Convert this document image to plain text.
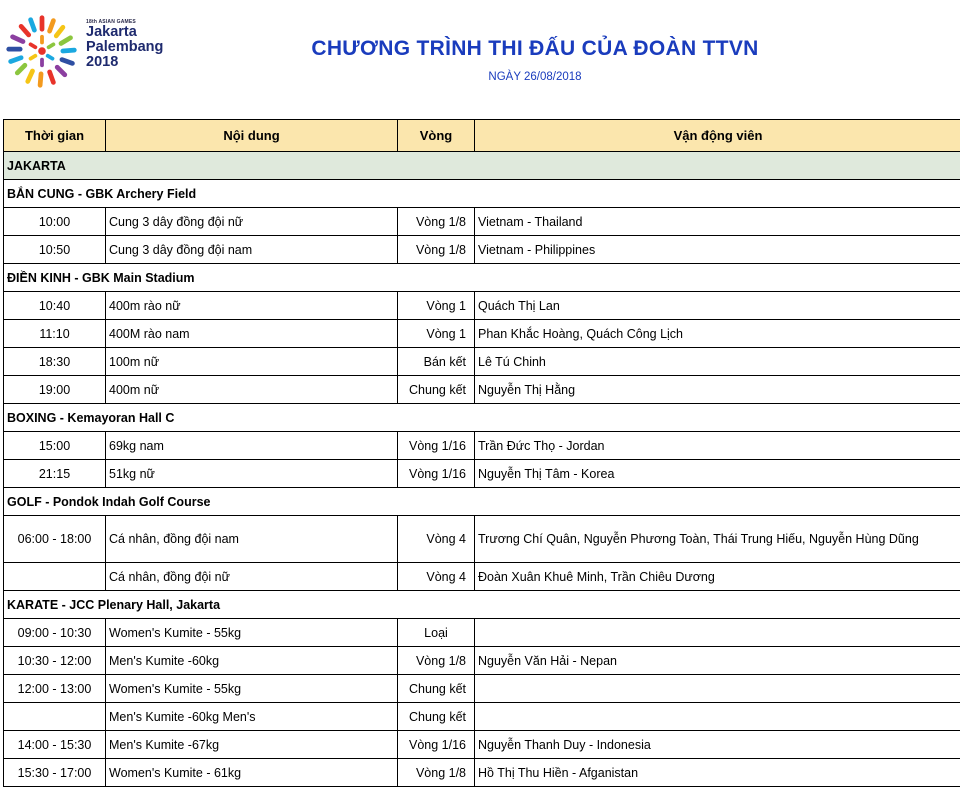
18th ASIAN GAMES
Jakarta
Palembang
2018
CHƯƠNG TRÌNH THI ĐẤU CỦA ĐOÀN TTVN
NGÀY 26/08/2018
Thời gian	Nội dung	Vòng	Vận động viên
JAKARTA			
BẮN CUNG - GBK Archery Field			
10:00	Cung 3 dây đồng đội nữ	Vòng 1/8	Vietnam - Thailand
10:50	Cung 3 dây đồng đội nam	Vòng 1/8	Vietnam - Philippines
ĐIỀN KINH - GBK Main Stadium			
10:40	400m rào nữ	Vòng 1	Quách Thị Lan
11:10	400M rào nam	Vòng 1	Phan Khắc Hoàng, Quách Công Lịch
18:30	100m nữ	Bán kết	Lê Tú Chinh
19:00	400m nữ	Chung kết	Nguyễn Thị Hằng
BOXING - Kemayoran Hall C			
15:00	69kg nam	Vòng 1/16	Trần Đức Thọ - Jordan
21:15	51kg nữ	Vòng 1/16	Nguyễn Thị Tâm - Korea
GOLF - Pondok Indah Golf Course			
06:00 - 18:00	Cá nhân, đồng đội nam	Vòng 4	Trương Chí Quân, Nguyễn Phương Toàn, Thái Trung Hiếu, Nguyễn Hùng Dũng
	Cá nhân, đồng đội nữ	Vòng 4	Đoàn Xuân Khuê Minh, Trần Chiêu Dương
KARATE - JCC Plenary Hall, Jakarta			
09:00 - 10:30	Women's Kumite - 55kg	Loại	
10:30 - 12:00	Men's Kumite -60kg	Vòng 1/8	Nguyễn Văn Hải - Nepan
12:00 - 13:00	Women's Kumite - 55kg	Chung kết	
	Men's Kumite -60kg Men's	Chung kết	
14:00 - 15:30	Men's Kumite -67kg	Vòng 1/16	Nguyễn Thanh Duy - Indonesia
15:30 - 17:00	Women's Kumite - 61kg	Vòng 1/8	Hồ Thị Thu Hiền - Afganistan
